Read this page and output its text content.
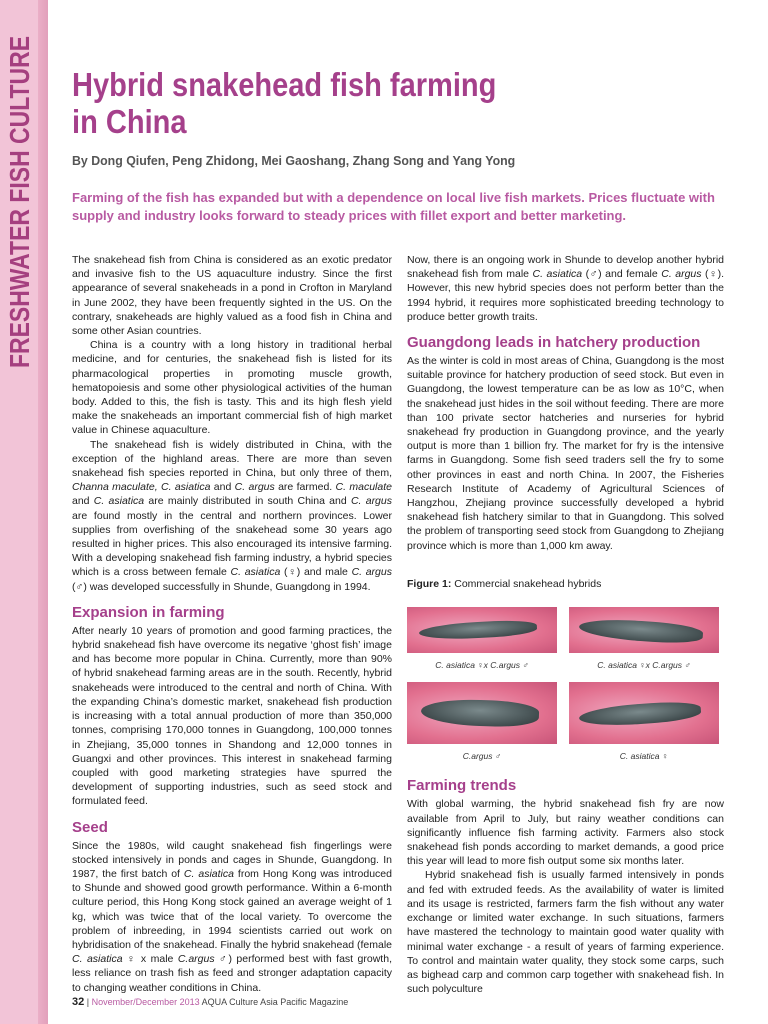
FRESHWATER FISH CULTURE Hybrid snakehead fish farming
in China
By Dong Qiufen, Peng Zhidong, Mei Gaoshang, Zhang Song and Yang Yong
Farming of the fish has expanded but with a dependence on local live fish markets. Prices fluctuate with supply and industry looks forward to steady prices with fillet export and better marketing.

The snakehead fish from China is considered as an exotic predator and invasive fish to the US aquaculture industry. Since the first appearance of several snakeheads in a pond in Crofton in Maryland in June 2002, they have been frequently sighted in the US. On the contrary, snakeheads are highly valued as a food fish in China and some other Asian countries.

China is a country with a long history in traditional herbal medicine, and for centuries, the snakehead fish is listed for its pharmacological properties in promoting muscle growth, hematopoiesis and some other physiological activities of the human body. Added to this, the fish is tasty. This and its high flesh yield make the snakeheads an important commercial fish of high market value in Chinese aquaculture.

The snakehead fish is widely distributed in China, with the exception of the highland areas. There are more than seven snakehead fish species reported in China, but only three of them, Channa maculate, C. asiatica and C. argus are farmed. C. maculate and C. asiatica are mainly distributed in south China and C. argus are found mostly in the central and northern provinces. Lower supplies from overfishing of the snakehead some 30 years ago resulted in higher prices. This also encouraged its intensive farming. With a developing snakehead fish farming industry, a hybrid species which is a cross between female C. asiatica (♀) and male C. argus (♂) was developed successfully in Shunde, Guangdong in 1994.

Expansion in farming

After nearly 10 years of promotion and good farming practices, the hybrid snakehead fish have overcome its negative ‘ghost fish’ image and has become more popular in China. Currently, more than 90% of hybrid snakehead farming areas are in the south. Recently, hybrid snakeheads were introduced to the central and north of China. With the expanding China’s domestic market, snakehead fish production is increasing with a total annual production of more than 350,000 tonnes, comprising 170,000 tonnes in Guangdong, 100,000 tonnes in Zhejiang, 35,000 tonnes in Shandong and 12,000 tonnes in Guangxi and other provinces. This interest in snakehead farming coupled with good marketing strategies have spurred the development of supporting industries, such as seed stock and formulated feed.

Seed

Since the 1980s, wild caught snakehead fish fingerlings were stocked intensively in ponds and cages in Shunde, Guangdong. In 1987, the first batch of C. asiatica from Hong Kong was introduced to Shunde and showed good growth performance. Within a 6-month culture period, this Hong Kong stock gained an average weight of 1 kg, which was twice that of the local variety. To overcome the problem of inbreeding, in 1994 scientists carried out work on hybridisation of the snakehead. Finally the hybrid snakehead (female C. asiatica ♀ x male C.argus ♂) performed best with fast growth, less reliance on trash fish as feed and stronger adaptation capacity to changing weather conditions in China.

Now, there is an ongoing work in Shunde to develop another hybrid snakehead fish from male C. asiatica (♂) and female C. argus (♀). However, this new hybrid species does not perform better than the 1994 hybrid, it requires more sophisticated breeding technology to produce better growth traits.

Guangdong leads in hatchery production

As the winter is cold in most areas of China, Guangdong is the most suitable province for hatchery production of seed stock. But even in Guangdong, the lowest temperature can be as low as 10°C, when the snakehead just hides in the soil without feeding. There are more than 100 private sector hatcheries and nurseries for hybrid snakehead fry production in Guangdong province, and the yearly output is more than 1 billion fry. The market for fry is the intensive farms in Guangdong. Some fish seed traders sell the fry to some other provinces in east and north China. In 2007, the Fisheries Research Institute of Academy of Agricultural Sciences of Hangzhou, Zhejiang province successfully developed a hybrid snakehead fish hatchery similar to that in Guangdong. This solved the problem of transporting seed stock from Guangdong to Zhejiang province which is more than 1,000 km away.

Figure 1: Commercial snakehead hybrids
C. asiatica ♀x C.argus ♂	C. asiatica ♀x C.argus ♂
C.argus ♂	C. asiatica ♀
Farming trends

With global warming, the hybrid snakehead fish fry are now available from April to July, but rainy weather conditions can significantly influence fish farming activity. Farmers also stock snakehead fish ponds according to market demands, a good price this year will lead to more fish output some six months later.

Hybrid snakehead fish is usually farmed intensively in ponds and fed with extruded feeds. As the availability of water is limited and its usage is restricted, farmers farm the fish without any water exchange or limited water exchange. In such situations, farmers have mastered the technology to maintain good water quality with minimal water exchange - a result of years of farming experience. To control and maintain water quality, they stock some carps, such as bighead carp and common carp together with snakehead fish. In such polyculture

32 | November/December 2013 AQUA Culture Asia Pacific Magazine
